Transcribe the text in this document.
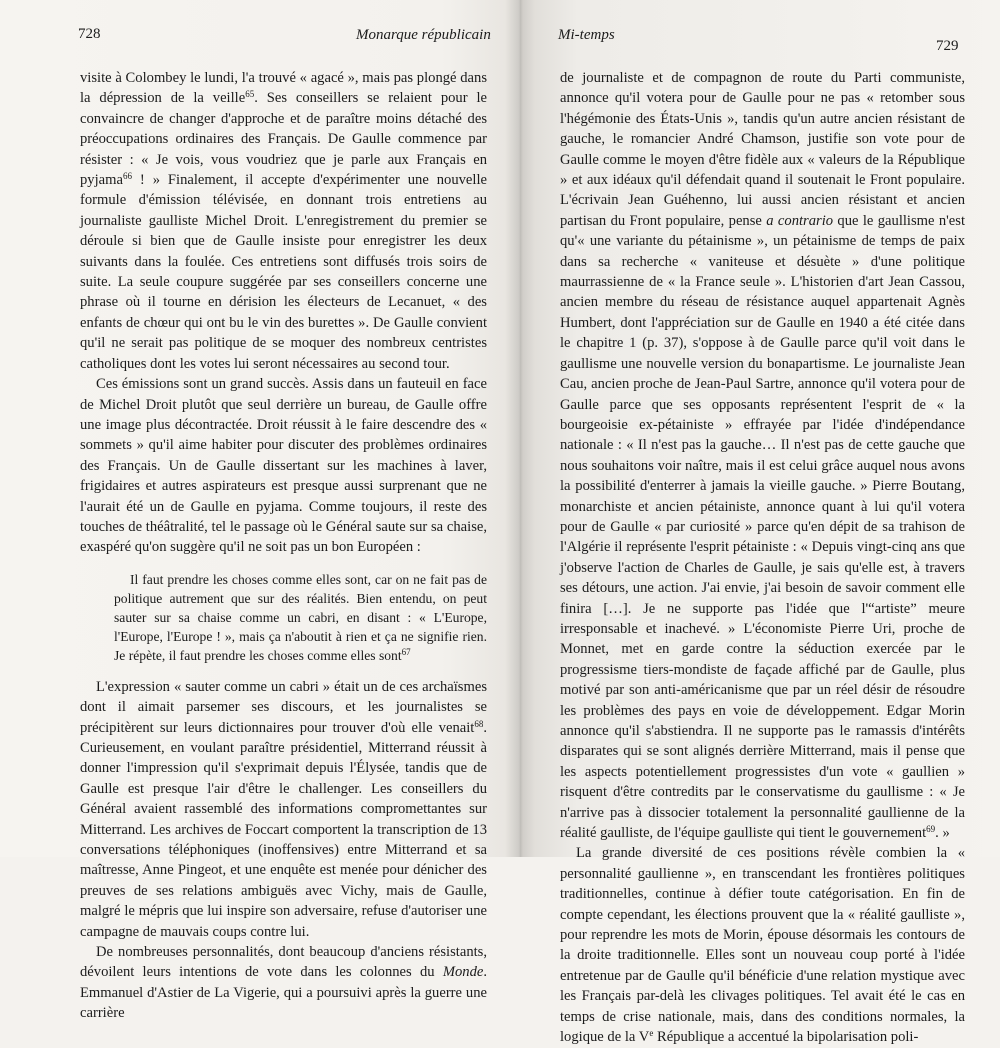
728	Monarque républicain

visite à Colombey le lundi, l'a trouvé « agacé », mais pas plongé dans la dépression de la veille$^{65}$. Ses conseillers se relaient pour le convaincre de changer d'approche et de paraître moins détaché des préoccupations ordinaires des Français. De Gaulle commence par résister : « Je vois, vous voudriez que je parle aux Français en pyjama$^{66}$ ! » Finalement, il accepte d'expérimenter une nouvelle formule d'émission télévisée, en donnant trois entretiens au journaliste gaulliste Michel Droit. L'enregistrement du premier se déroule si bien que de Gaulle insiste pour enregistrer les deux suivants dans la foulée. Ces entretiens sont diffusés trois soirs de suite. La seule coupure suggérée par ses conseillers concerne une phrase où il tourne en dérision les électeurs de Lecanuet, « des enfants de chœur qui ont bu le vin des burettes ». De Gaulle convient qu'il ne serait pas politique de se moquer des nombreux centristes catholiques dont les votes lui seront nécessaires au second tour.

Ces émissions sont un grand succès. Assis dans un fauteuil en face de Michel Droit plutôt que seul derrière un bureau, de Gaulle offre une image plus décontractée. Droit réussit à le faire descendre des « sommets » qu'il aime habiter pour discuter des problèmes ordinaires des Français. Un de Gaulle dissertant sur les machines à laver, frigidaires et autres aspirateurs est presque aussi surprenant que ne l'aurait été un de Gaulle en pyjama. Comme toujours, il reste des touches de théâtralité, tel le passage où le Général saute sur sa chaise, exaspéré qu'on suggère qu'il ne soit pas un bon Européen :

Il faut prendre les choses comme elles sont, car on ne fait pas de politique autrement que sur des réalités. Bien entendu, on peut sauter sur sa chaise comme un cabri, en disant : « L'Europe, l'Europe, l'Europe ! », mais ça n'aboutit à rien et ça ne signifie rien. Je répète, il faut prendre les choses comme elles sont$^{67}$

L'expression « sauter comme un cabri » était un de ces archaïsmes dont il aimait parsemer ses discours, et les journalistes se précipitèrent sur leurs dictionnaires pour trouver d'où elle venait$^{68}$. Curieusement, en voulant paraître présidentiel, Mitterrand réussit à donner l'impression qu'il s'exprimait depuis l'Élysée, tandis que de Gaulle est presque l'air d'être le challenger. Les conseillers du Général avaient rassemblé des informations compromettantes sur Mitterrand. Les archives de Foccart comportent la transcription de 13 conversations téléphoniques (inoffensives) entre Mitterrand et sa maîtresse, Anne Pingeot, et une enquête est menée pour dénicher des preuves de ses relations ambiguës avec Vichy, mais de Gaulle, malgré le mépris que lui inspire son adversaire, refuse d'autoriser une campagne de mauvais coups contre lui.

De nombreuses personnalités, dont beaucoup d'anciens résistants, dévoilent leurs intentions de vote dans les colonnes du Monde. Emmanuel d'Astier de La Vigerie, qui a poursuivi après la guerre une carrière

Mi-temps
729

de journaliste et de compagnon de route du Parti communiste, annonce qu'il votera pour de Gaulle pour ne pas « retomber sous l'hégémonie des États-Unis », tandis qu'un autre ancien résistant de gauche, le romancier André Chamson, justifie son vote pour de Gaulle comme le moyen d'être fidèle aux « valeurs de la République » et aux idéaux qu'il défendait quand il soutenait le Front populaire. L'écrivain Jean Guéhenno, lui aussi ancien résistant et ancien partisan du Front populaire, pense a contrario que le gaullisme n'est qu'« une variante du pétainisme », un pétainisme de temps de paix dans sa recherche « vaniteuse et désuète » d'une politique maurrassienne de « la France seule ». L'historien d'art Jean Cassou, ancien membre du réseau de résistance auquel appartenait Agnès Humbert, dont l'appréciation sur de Gaulle en 1940 a été citée dans le chapitre 1 (p. 37), s'oppose à de Gaulle parce qu'il voit dans le gaullisme une nouvelle version du bonapartisme. Le journaliste Jean Cau, ancien proche de Jean-Paul Sartre, annonce qu'il votera pour de Gaulle parce que ses opposants représentent l'esprit de « la bourgeoisie ex-pétainiste » effrayée par l'idée d'indépendance nationale : « Il n'est pas la gauche… Il n'est pas de cette gauche que nous souhaitons voir naître, mais il est celui grâce auquel nous avons la possibilité d'enterrer à jamais la vieille gauche. » Pierre Boutang, monarchiste et ancien pétainiste, annonce quant à lui qu'il votera pour de Gaulle « par curiosité » parce qu'en dépit de sa trahison de l'Algérie il représente l'esprit pétainiste : « Depuis vingt-cinq ans que j'observe l'action de Charles de Gaulle, je sais qu'elle est, à travers ses détours, une action. J'ai envie, j'ai besoin de savoir comment elle finira […]. Je ne supporte pas l'idée que l'“artiste” meure irresponsable et inachevé. » L'économiste Pierre Uri, proche de Monnet, met en garde contre la séduction exercée par le progressisme tiers-mondiste de façade affiché par de Gaulle, plus motivé par son anti-américanisme que par un réel désir de résoudre les problèmes des pays en voie de développement. Edgar Morin annonce qu'il s'abstiendra. Il ne supporte pas le ramassis d'intérêts disparates qui se sont alignés derrière Mitterrand, mais il pense que les aspects potentiellement progressistes d'un vote « gaullien » risquent d'être contredits par le conservatisme du gaullisme : « Je n'arrive pas à dissocier totalement la personnalité gaullienne de la réalité gaulliste, de l'équipe gaulliste qui tient le gouvernement$^{69}$. »

La grande diversité de ces positions révèle combien la « personnalité gaullienne », en transcendant les frontières politiques traditionnelles, continue à défier toute catégorisation. En fin de compte cependant, les élections prouvent que la « réalité gaulliste », pour reprendre les mots de Morin, épouse désormais les contours de la droite traditionnelle. Elles sont un nouveau coup porté à l'idée entretenue par de Gaulle qu'il bénéficie d'une relation mystique avec les Français par-delà les clivages politiques. Tel avait été le cas en temps de crise nationale, mais, dans des conditions normales, la logique de la Ve République a accentué la bipolarisation poli-
